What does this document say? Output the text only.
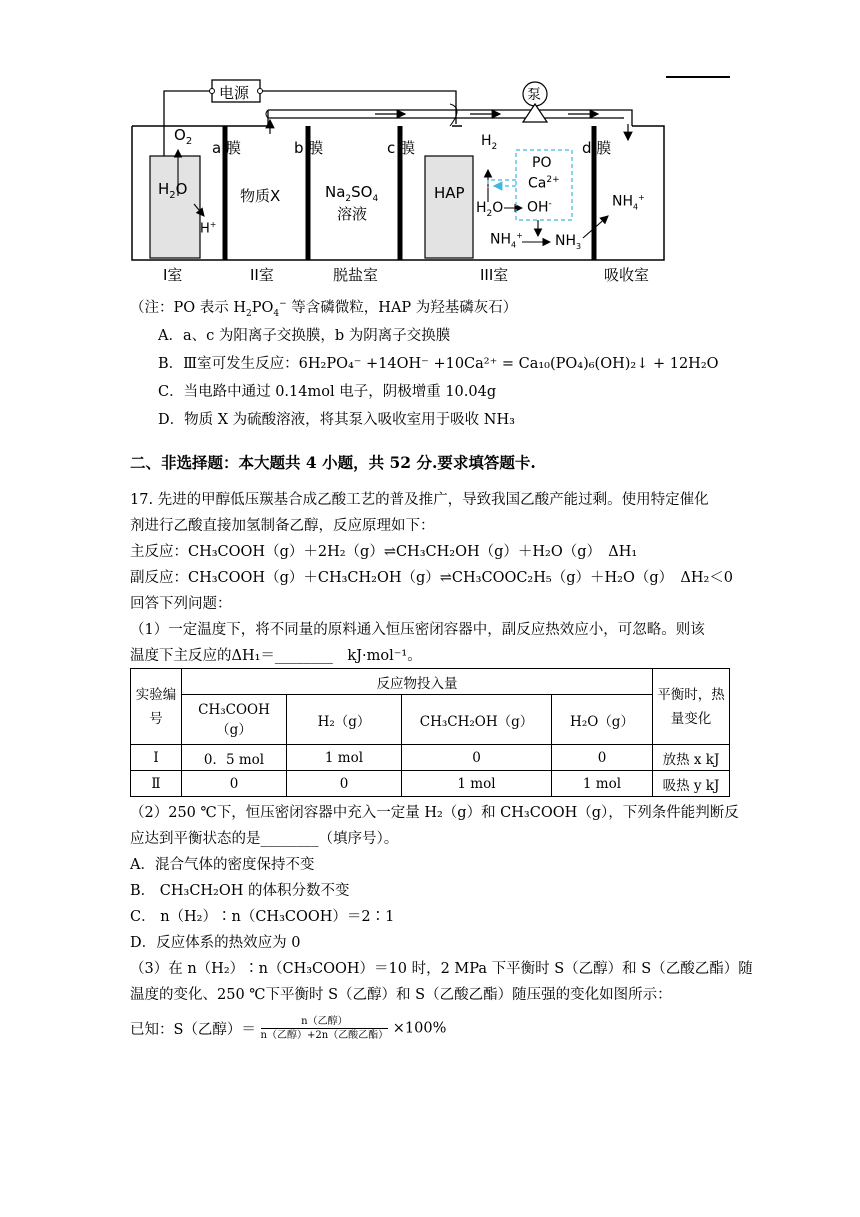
电源	泵
a 膜	b 膜	c 膜	d 膜
$O_2$
$H_2O$
H+
物质X	$Na_2SO_4$
溶液
HAP
$H_2$
PO
$Ca^{2+}$
$H_2O$ OH-
$NH_4^+$ $NH_3$
$NH_4^+$
I室	II室	脱盐室	III室	吸收室
（注：PO 表示 $H_2PO_4^-$ 等含磷微粒，HAP 为羟基磷灰石）
A．a、c 为阳离子交换膜，b 为阴离子交换膜
B．Ⅲ室可发生反应：6H₂PO₄⁻ +14OH⁻ +10Ca²⁺ = Ca₁₀(PO₄)₆(OH)₂↓ + 12H₂O
C．当电路中通过 0.14mol 电子，阴极增重 10.04g
D．物质 X 为硫酸溶液，将其泵入吸收室用于吸收 NH₃
二、非选择题：本大题共 4 小题，共 52 分.要求填答题卡.
17. 先进的甲醇低压羰基合成乙酸工艺的普及推广，导致我国乙酸产能过剩。使用特定催化
剂进行乙酸直接加氢制备乙醇，反应原理如下：
主反应：CH₃COOH（g）＋2H₂（g）⇌CH₃CH₂OH（g）＋H₂O（g）　ΔH₁
副反应：CH₃COOH（g）＋CH₃CH₂OH（g）⇌CH₃COOC₂H₅（g）＋H₂O（g）　ΔH₂＜0
回答下列问题：
（1）一定温度下，将不同量的原料通入恒压密闭容器中，副反应热效应小，可忽略。则该
温度下主反应的ΔH₁＝________　kJ·mol⁻¹。
实验编号	反应物投入量				平衡时，热量变化
	CH₃COOH（g）	H₂（g）	CH₃CH₂OH（g）	H₂O（g）	
Ⅰ	0．5 mol	1 mol	0	0	放热 x kJ
Ⅱ	0	0	1 mol	1 mol	吸热 y kJ
（2）250 ℃下，恒压密闭容器中充入一定量 H₂（g）和 CH₃COOH（g），下列条件能判断反
应达到平衡状态的是________（填序号）。
A．混合气体的密度保持不变
B． CH₃CH₂OH 的体积分数不变
C． n（H₂）∶n（CH₃COOH）＝2∶1
D．反应体系的热效应为 0
（3）在 n（H₂）∶n（CH₃COOH）＝10 时，2 MPa 下平衡时 S（乙醇）和 S（乙酸乙酯）随
温度的变化、250 ℃下平衡时 S（乙醇）和 S（乙酸乙酯）随压强的变化如图所示：
已知：S（乙醇）＝ $\frac{\text{n（乙醇）}}{\text{n（乙醇）+2n（乙酸乙酯）}} \times 100\%$
